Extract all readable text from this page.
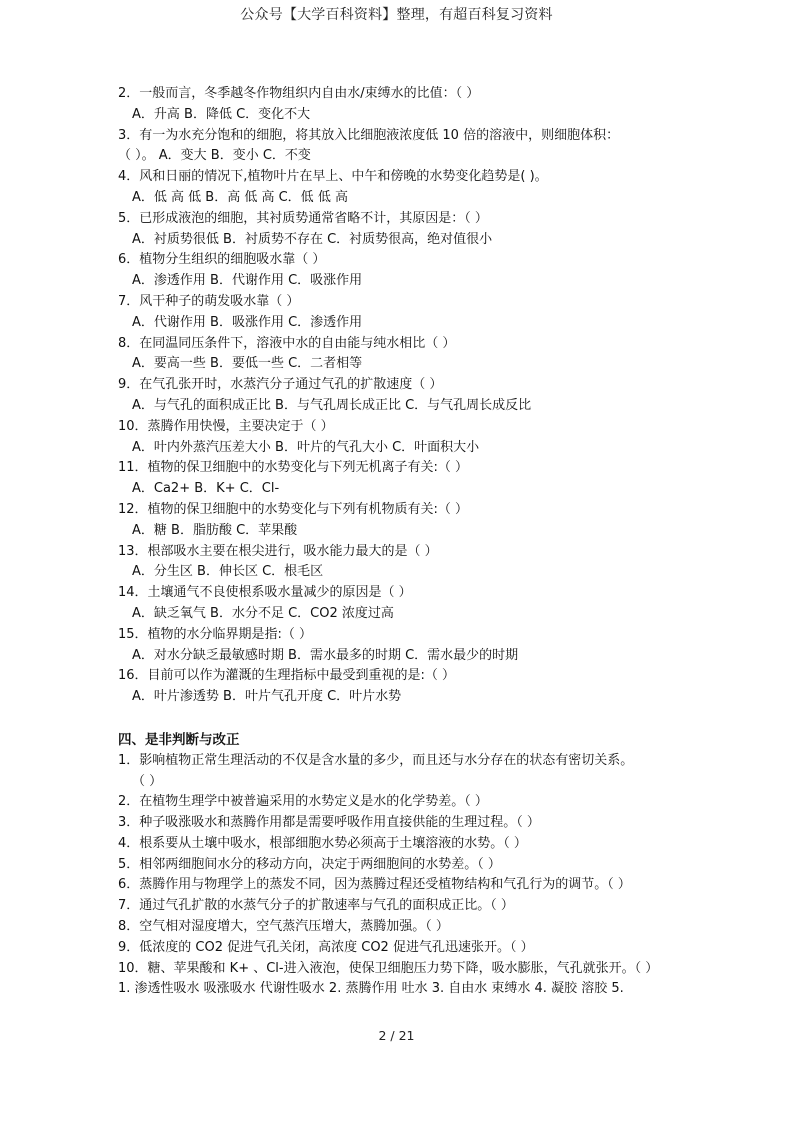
公众号【大学百科资料】整理，有超百科复习资料
2．一般而言，冬季越冬作物组织内自由水/束缚水的比值：（ ）
A．升高 B．降低 C．变化不大
3．有一为水充分饱和的细胞，将其放入比细胞液浓度低 10 倍的溶液中，则细胞体积：
（ ）。 A．变大 B．变小 C．不变
4．风和日丽的情况下,植物叶片在早上、中午和傍晚的水势变化趋势是( )。
A．低 高 低 B．高 低 高 C．低 低 高
5．已形成液泡的细胞，其衬质势通常省略不计，其原因是：（ ）
A．衬质势很低 B．衬质势不存在 C．衬质势很高，绝对值很小
6．植物分生组织的细胞吸水靠（ ）
A．渗透作用 B．代谢作用 C．吸涨作用
7．风干种子的萌发吸水靠（ ）
A．代谢作用 B．吸涨作用 C．渗透作用
8．在同温同压条件下，溶液中水的自由能与纯水相比（ ）
A．要高一些 B．要低一些 C．二者相等
9．在气孔张开时，水蒸汽分子通过气孔的扩散速度（ ）
A．与气孔的面积成正比 B．与气孔周长成正比 C．与气孔周长成反比
10．蒸腾作用快慢，主要决定于（ ）
A．叶内外蒸汽压差大小 B．叶片的气孔大小 C．叶面积大小
11．植物的保卫细胞中的水势变化与下列无机离子有关:（ ）
A．Ca2+ B．K+ C．Cl-
12．植物的保卫细胞中的水势变化与下列有机物质有关:（ ）
A．糖 B．脂肪酸 C．苹果酸
13．根部吸水主要在根尖进行，吸水能力最大的是（ ）
A．分生区 B．伸长区 C．根毛区
14．土壤通气不良使根系吸水量减少的原因是（ ）
A．缺乏氧气 B．水分不足 C．CO2 浓度过高
15．植物的水分临界期是指:（ ）
A．对水分缺乏最敏感时期 B．需水最多的时期 C．需水最少的时期
16．目前可以作为灌溉的生理指标中最受到重视的是:（ ）
A．叶片渗透势 B．叶片气孔开度 C．叶片水势
四、是非判断与改正
1．影响植物正常生理活动的不仅是含水量的多少，而且还与水分存在的状态有密切关系。
（ ）
2．在植物生理学中被普遍采用的水势定义是水的化学势差。（ ）
3．种子吸涨吸水和蒸腾作用都是需要呼吸作用直接供能的生理过程。（ ）
4．根系要从土壤中吸水，根部细胞水势必须高于土壤溶液的水势。（ ）
5．相邻两细胞间水分的移动方向，决定于两细胞间的水势差。（ ）
6．蒸腾作用与物理学上的蒸发不同，因为蒸腾过程还受植物结构和气孔行为的调节。（ ）
7．通过气孔扩散的水蒸气分子的扩散速率与气孔的面积成正比。（ ）
8．空气相对湿度增大，空气蒸汽压增大，蒸腾加强。（ ）
9．低浓度的 CO2 促进气孔关闭，高浓度 CO2 促进气孔迅速张开。（ ）
10．糖、苹果酸和 K+ 、Cl-进入液泡，使保卫细胞压力势下降，吸水膨胀，气孔就张开。（ ）
1. 渗透性吸水 吸涨吸水 代谢性吸水 2. 蒸腾作用 吐水 3. 自由水 束缚水 4. 凝胶 溶胶 5.
2 / 21
